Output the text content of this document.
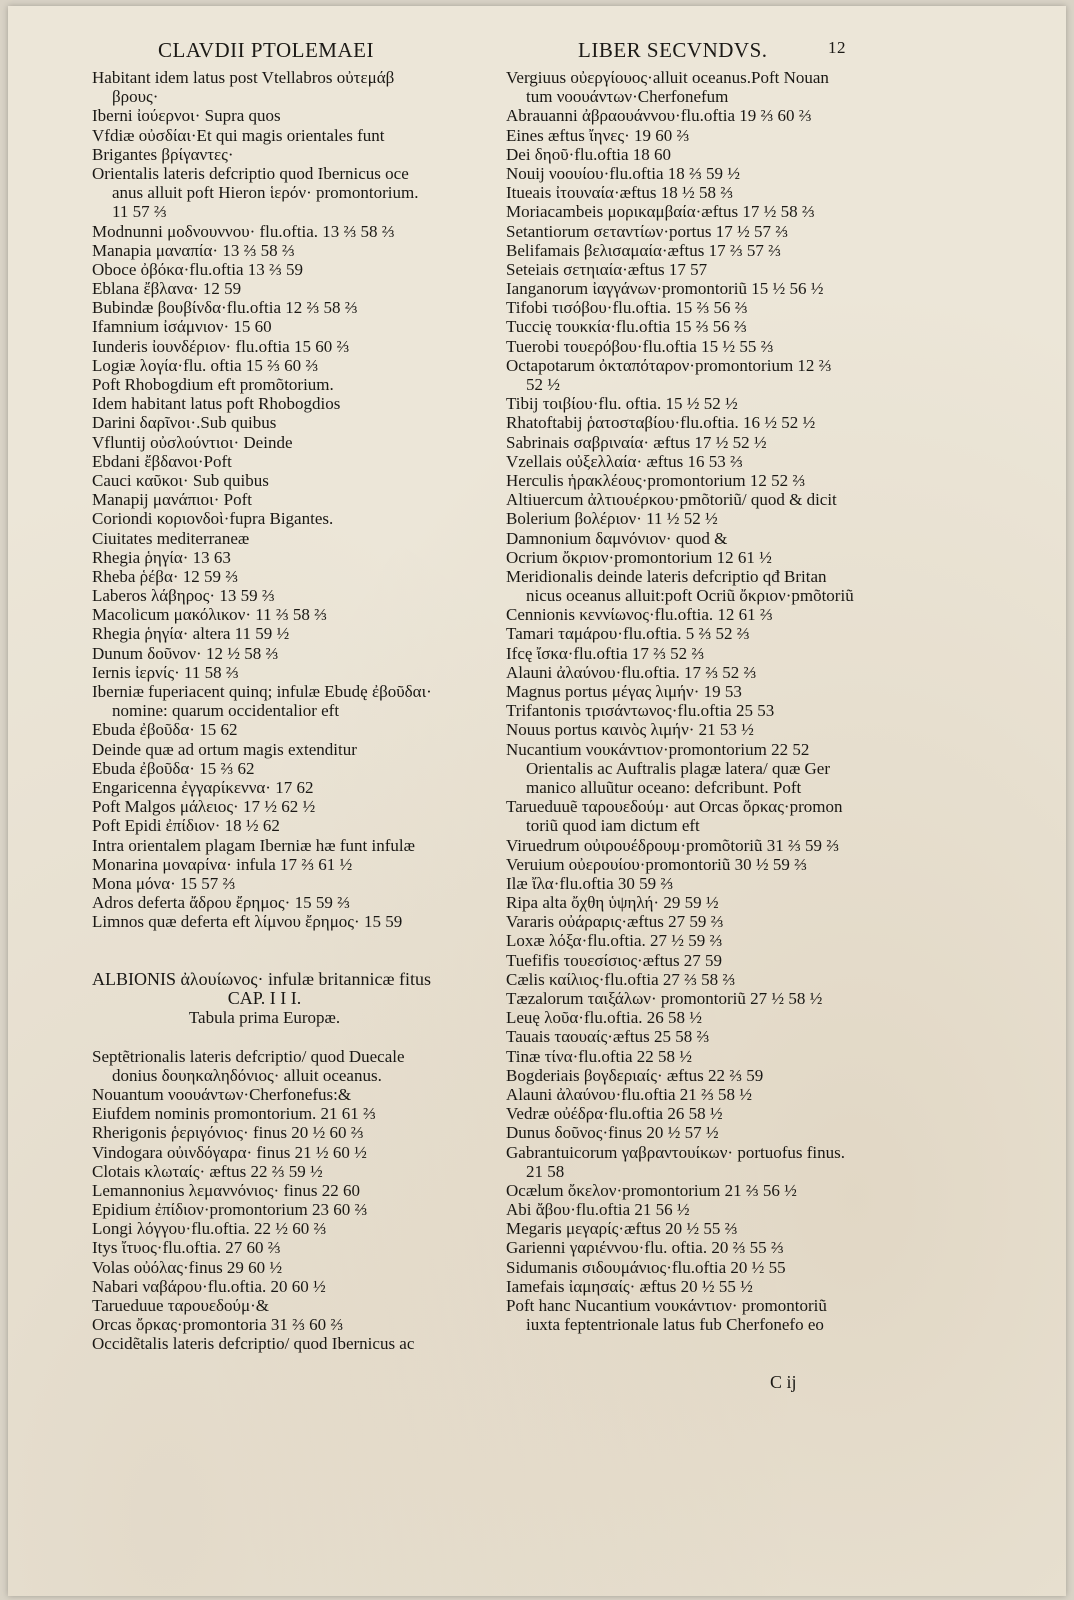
CLAVDII PTOLEMAEI	LIBER SECVNDVS.	12
Habitant idem latus post Vtellabros οὐτεμάβ
βρους·
Iberni ἰούερνοι· Supra quos
Vfdiæ οὐσδίαι·Et qui magis orientales funt
Brigantes βρίγαντες·
Orientalis lateris defcriptio quod Ibernicus oce
anus alluit poft Hieron ἱερόν· promontorium.
11 57 ⅔
Modnunni μοδνουννου· flu.oftia. 13 ⅔ 58 ⅔
Manapia μαναπία· 13 ⅔ 58 ⅔
Oboce ὀβόκα·flu.oftia 13 ⅔ 59
Eblana ἔβλανα· 12 59
Bubindæ βουβίνδα·flu.oftia 12 ⅔ 58 ⅔
Ifamnium ἰσάμνιον· 15 60
Iunderis ἰουνδέριον· flu.oftia 15 60 ⅔
Logiæ λογία·flu. oftia 15 ⅔ 60 ⅔
Poft Rhobogdium eft promõtorium.
Idem habitant latus poft Rhobogdios
Darini δαρῖνοι·.Sub quibus
Vfluntij οὐσλούντιοι· Deinde
Ebdani ἔβδανοι·Poft
Cauci καῦκοι· Sub quibus
Manapij μανάπιοι· Poft
Coriondi κοριονδοὶ·fupra Bigantes.
Ciuitates mediterraneæ
Rhegia ῥηγία· 13 63
Rheba ῥέβα· 12 59 ⅔
Laberos λάβηρος· 13 59 ⅔
Macolicum μακόλικον· 11 ⅔ 58 ⅔
Rhegia ῥηγία· altera 11 59 ½
Dunum δοῦνον· 12 ½ 58 ⅔
Iernis ἰερνίς· 11 58 ⅔
Iberniæ fuperiacent quinq; infulæ Ebudę ἐβοῦδαι·
nomine: quarum occidentalior eft
Ebuda ἐβοῦδα· 15 62
Deinde quæ ad ortum magis extenditur
Ebuda ἐβοῦδα· 15 ⅔ 62
Engaricenna ἐγγαρίκεννα· 17 62
Poft Malgos μάλειος· 17 ½ 62 ½
Poft Epidi ἐπίδιον· 18 ½ 62
Intra orientalem plagam Iberniæ hæ funt infulæ
Monarina μοναρίνα· infula 17 ⅔ 61 ½
Mona μόνα· 15 57 ⅔
Adros deferta ἄδρου ἔρημος· 15 59 ⅔
Limnos quæ deferta eft λίμνου ἔρημος· 15 59
ALBIONIS ἀλουίωνος· infulæ britannicæ fitus
CAP. I I I.
Tabula prima Europæ.
Septẽtrionalis lateris defcriptio/ quod Duecale
donius δουηκαληδόνιος· alluit oceanus.
Nouantum νοουάντων·Cherfonefus:&
Eiufdem nominis promontorium. 21 61 ⅔
Rherigonis ῥεριγόνιος· finus 20 ½ 60 ⅔
Vindogara οὐινδόγαρα· finus 21 ½ 60 ½
Clotais κλωταίς· æftus 22 ⅔ 59 ½
Lemannonius λεμαννόνιος· finus 22 60
Epidium ἐπίδιον·promontorium 23 60 ⅔
Longi λόγγου·flu.oftia. 22 ½ 60 ⅔
Itys ἴτυος·flu.oftia. 27 60 ⅔
Volas οὐόλας·finus 29 60 ½
Nabari ναβάρου·flu.oftia. 20 60 ½
Tarueduue ταρουεδούμ·&
Orcas ὄρκας·promontoria 31 ⅔ 60 ⅔
Occidẽtalis lateris defcriptio/ quod Ibernicus ac
Vergiuus οὐεργίουος·alluit oceanus.Poft Nouan
tum νοουάντων·Cherfonefum
Abrauanni ἀβραουάννου·flu.oftia 19 ⅔ 60 ⅔
Eines æftus ἴηνες· 19 60 ⅔
Dei δηοῦ·flu.oftia 18 60
Nouij νοουίου·flu.oftia 18 ⅔ 59 ½
Itueais ἰτουναία·æftus 18 ½ 58 ⅔
Moriacambeis μορικαμβαία·æftus 17 ½ 58 ⅔
Setantiorum σεταντίων·portus 17 ½ 57 ⅔
Belifamais βελισαμαία·æftus 17 ⅔ 57 ⅔
Seteiais σετηιαία·æftus 17 57
Ianganorum ἰαγγάνων·promontoriũ 15 ½ 56 ½
Tifobi τισόβου·flu.oftia. 15 ⅔ 56 ⅔
Tuccię τουκκία·flu.oftia 15 ⅔ 56 ⅔
Tuerobi τουερόβου·flu.oftia 15 ½ 55 ⅔
Octapotarum ὀκταπόταρον·promontorium 12 ⅔
52 ½
Tibij τοιβίου·flu. oftia. 15 ½ 52 ½
Rhatoftabij ῥατοσταβίου·flu.oftia. 16 ½ 52 ½
Sabrinais σαβριναία· æftus 17 ½ 52 ½
Vzellais οὐξελλαία· æftus 16 53 ⅔
Herculis ἡρακλέους·promontorium 12 52 ⅔
Altiuercum ἀλτιουέρκου·pmõtoriũ/ quod & dicit
Bolerium βολέριον· 11 ½ 52 ½
Damnonium δαμνόνιον· quod &
Ocrium ὄκριον·promontorium 12 61 ½
Meridionalis deinde lateris defcriptio qđ Britan
nicus oceanus alluit:poft Ocriũ ὄκριον·pmõtoriũ
Cennionis κεννίωνος·flu.oftia. 12 61 ⅔
Tamari ταμάρου·flu.oftia. 5 ⅔ 52 ⅔
Ifcę ἴσκα·flu.oftia 17 ⅔ 52 ⅔
Alauni ἀλαύνου·flu.oftia. 17 ⅔ 52 ⅔
Magnus portus μέγας λιμήν· 19 53
Trifantonis τρισάντωνος·flu.oftia 25 53
Nouus portus καινὸς λιμήν· 21 53 ½
Nucantium νουκάντιον·promontorium 22 52
Orientalis ac Auftralis plagæ latera/ quæ Ger
manico alluũtur oceano: defcribunt. Poft
Tarueduuẽ ταρουεδούμ· aut Orcas ὄρκας·promon
toriũ quod iam dictum eft
Viruedrum οὐιρουέδρουμ·promõtoriũ 31 ⅔ 59 ⅔
Veruium οὐερουίου·promontoriũ 30 ½ 59 ⅔
Ilæ ἴλα·flu.oftia 30 59 ⅔
Ripa alta ὄχθη ὑψηλή· 29 59 ½
Vararis οὐάραρις·æftus 27 59 ⅔
Loxæ λόξα·flu.oftia. 27 ½ 59 ⅔
Tuefifis τουεσίσιος·æftus 27 59
Cælis καίλιος·flu.oftia 27 ⅔ 58 ⅔
Tæzalorum ταιξάλων· promontoriũ 27 ½ 58 ½
Leuę λοῦα·flu.oftia. 26 58 ½
Tauais ταουαίς·æftus 25 58 ⅔
Tinæ τίνα·flu.oftia 22 58 ½
Bogderiais βογδεριαίς· æftus 22 ⅔ 59
Alauni ἀλαύνου·flu.oftia 21 ⅔ 58 ½
Vedræ οὐέδρα·flu.oftia 26 58 ½
Dunus δοῦνος·finus 20 ½ 57 ½
Gabrantuicorum γαβραντουίκων· portuofus finus.
21 58
Ocælum ὄκελον·promontorium 21 ⅔ 56 ½
Abi ἄβου·flu.oftia 21 56 ½
Megaris μεγαρίς·æftus 20 ½ 55 ⅔
Garienni γαριέννου·flu. oftia. 20 ⅔ 55 ⅔
Sidumanis σιδουμάνιος·flu.oftia 20 ½ 55
Iamefais ἰαμησαίς· æftus 20 ½ 55 ½
Poft hanc Nucantium νουκάντιον· promontoriũ
iuxta feptentrionale latus fub Cherfonefo eo
C ij
